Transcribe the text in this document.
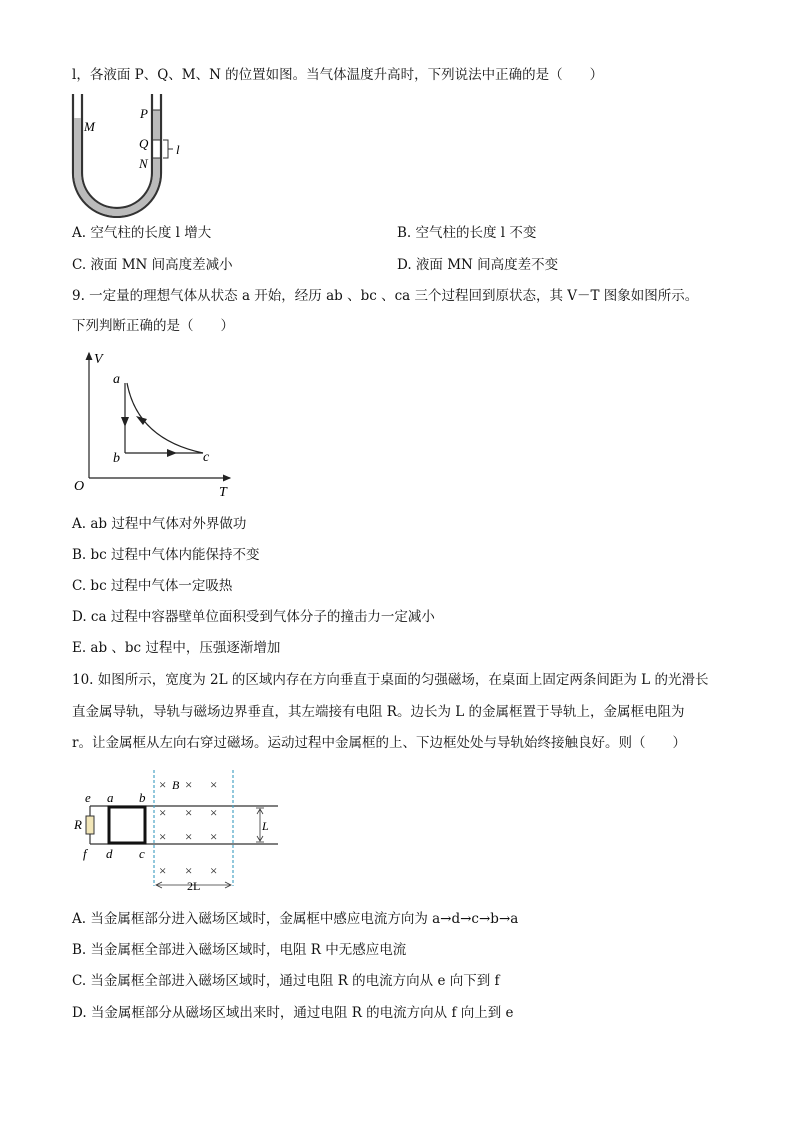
l，各液面 P、Q、M、N 的位置如图。当气体温度升高时，下列说法中正确的是（　　）
M
P
Q
N
l
A. 空气柱的长度 l 增大	B. 空气柱的长度 l 不变
C. 液面 MN 间高度差减小	D. 液面 MN 间高度差不变
9. 一定量的理想气体从状态 a 开始，经历 ab 、bc 、ca 三个过程回到原状态，其 V－T 图象如图所示。
下列判断正确的是（　　）
V
T
O
a
b	c
A. ab 过程中气体对外界做功
B. bc 过程中气体内能保持不变
C. bc 过程中气体一定吸热
D. ca 过程中容器壁单位面积受到气体分子的撞击力一定减小
E. ab 、bc 过程中，压强逐渐增加
10. 如图所示，宽度为 2L 的区域内存在方向垂直于桌面的匀强磁场，在桌面上固定两条间距为 L 的光滑长
直金属导轨，导轨与磁场边界垂直，其左端接有电阻 R。边长为 L 的金属框置于导轨上，金属框电阻为
r。让金属框从左向右穿过磁场。运动过程中金属框的上、下边框处处与导轨始终接触良好。则（　　）
× × ×
× × ×
× × ×
× × ×
e a b
R
f d c
B
L
2L
A. 当金属框部分进入磁场区域时，金属框中感应电流方向为 a→d→c→b→a
B. 当金属框全部进入磁场区域时，电阻 R 中无感应电流
C. 当金属框全部进入磁场区域时，通过电阻 R 的电流方向从 e 向下到 f
D. 当金属框部分从磁场区域出来时，通过电阻 R 的电流方向从 f 向上到 e
